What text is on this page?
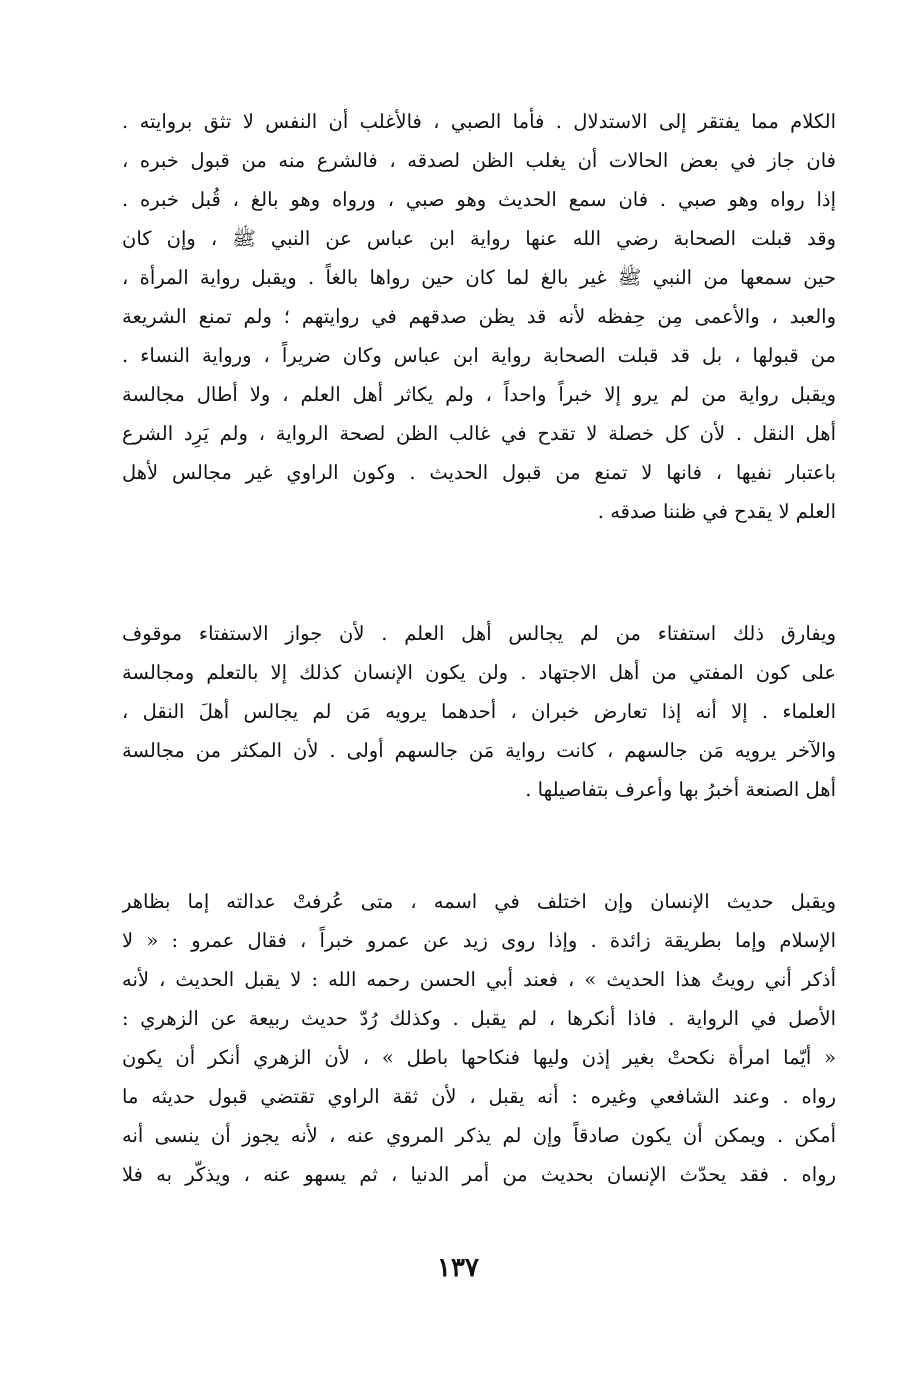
الكلام مما يفتقر إلى الاستدلال . فأما الصبي ، فالأغلب أن النفس لا تثق بروايته .
فان جاز في بعض الحالات أن يغلب الظن لصدقه ، فالشرع منه من قبول خبره ،
إذا رواه وهو صبي . فان سمع الحديث وهو صبي ، ورواه وهو بالغ ، قُبل خبره .
وقد قبلت الصحابة رضي الله عنها رواية ابن عباس عن النبي ﷺ ، وإن كان
حين سمعها من النبي ﷺ غير بالغ لما كان حين رواها بالغاً . ويقبل رواية المرأة ،
والعبد ، والأعمى مِن حِفظه لأنه قد يظن صدقهم في روايتهم ؛ ولم تمنع الشريعة
من قبولها ، بل قد قبلت الصحابة رواية ابن عباس وكان ضريراً ، ورواية النساء .
ويقبل رواية من لم يرو إلا خبراً واحداً ، ولم يكاثر أهل العلم ، ولا أطال مجالسة
أهل النقل . لأن كل خصلة لا تقدح في غالب الظن لصحة الرواية ، ولم يَرِد الشرع
باعتبار نفيها ، فانها لا تمنع من قبول الحديث . وكون الراوي غير مجالس لأهل
العلم لا يقدح في ظننا صدقه .
ويفارق ذلك استفتاء من لم يجالس أهل العلم . لأن جواز الاستفتاء موقوف
على كون المفتي من أهل الاجتهاد . ولن يكون الإنسان كذلك إلا بالتعلم ومجالسة
العلماء . إلا أنه إذا تعارض خبران ، أحدهما يرويه مَن لم يجالس أهلَ النقل ،
والآخر يرويه مَن جالسهم ، كانت رواية مَن جالسهم أولى . لأن المكثر من مجالسة
أهل الصنعة أخبرُ بها وأعرف بتفاصيلها .
ويقبل حديث الإنسان وإن اختلف في اسمه ، متى عُرفتْ عدالته إما بظاهر
الإسلام وإما بطريقة زائدة . وإذا روى زيد عن عمرو خبراً ، فقال عمرو : « لا
أذكر أني رويتُ هذا الحديث » ، فعند أبي الحسن رحمه الله : لا يقبل الحديث ، لأنه
الأصل في الرواية . فاذا أنكرها ، لم يقبل . وكذلك رُدّ حديث ربيعة عن الزهري :
« أيّما امرأة نكحتْ بغير إذن وليها فنكاحها باطل » ، لأن الزهري أنكر أن يكون
رواه . وعند الشافعي وغيره : أنه يقبل ، لأن ثقة الراوي تقتضي قبول حديثه ما
أمكن . ويمكن أن يكون صادقاً وإن لم يذكر المروي عنه ، لأنه يجوز أن ينسى أنه
رواه . فقد يحدّث الإنسان بحديث من أمر الدنيا ، ثم يسهو عنه ، ويذكّر به فلا
١٣٧
